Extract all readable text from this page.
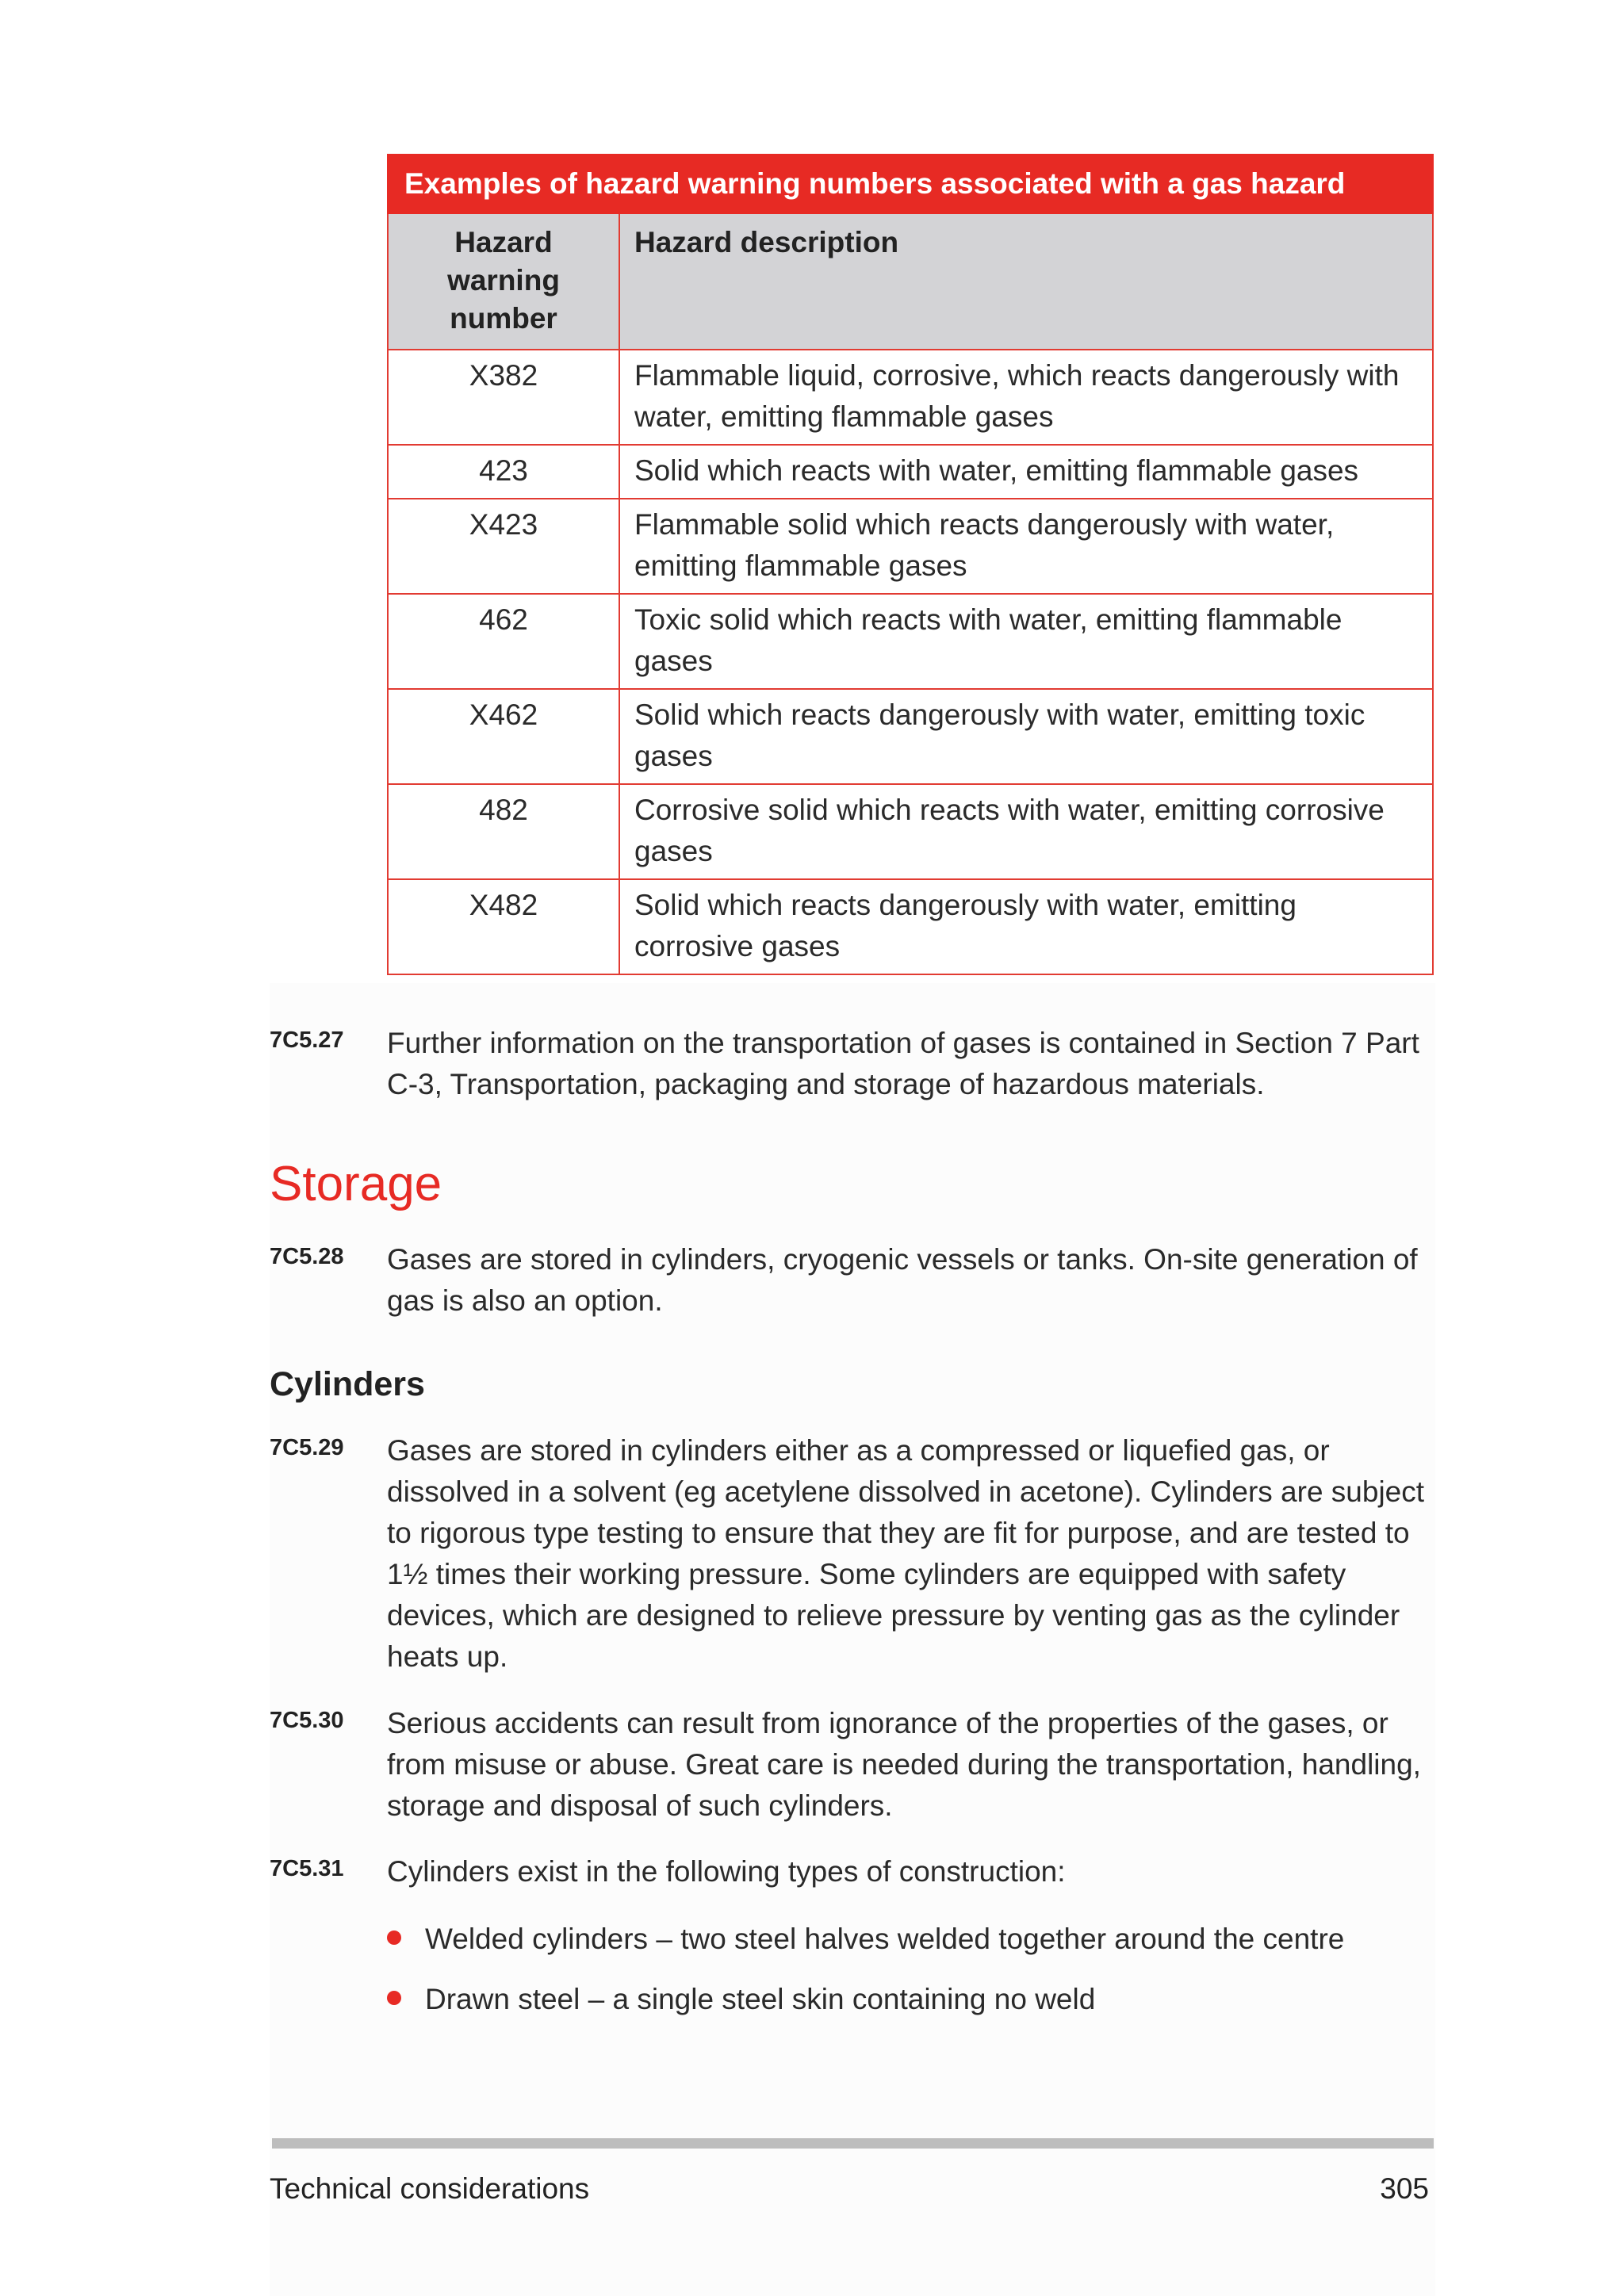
Examples of hazard warning numbers associated with a gas hazard	
Hazard warning number	Hazard description
X382	Flammable liquid, corrosive, which reacts dangerously with water, emitting flammable gases
423	Solid which reacts with water, emitting flammable gases
X423	Flammable solid which reacts dangerously with water, emitting flammable gases
462	Toxic solid which reacts with water, emitting flammable gases
X462	Solid which reacts dangerously with water, emitting toxic gases
482	Corrosive solid which reacts with water, emitting corrosive gases
X482	Solid which reacts dangerously with water, emitting corrosive gases
7C5.27 Further information on the transportation of gases is contained in Section 7 Part C-3, Transportation, packaging and storage of hazardous materials.
Storage
7C5.28 Gases are stored in cylinders, cryogenic vessels or tanks. On-site generation of gas is also an option.
Cylinders
7C5.29 Gases are stored in cylinders either as a compressed or liquefied gas, or dissolved in a solvent (eg acetylene dissolved in acetone). Cylinders are subject to rigorous type testing to ensure that they are fit for purpose, and are tested to 1½ times their working pressure. Some cylinders are equipped with safety devices, which are designed to relieve pressure by venting gas as the cylinder heats up.
7C5.30 Serious accidents can result from ignorance of the properties of the gases, or from misuse or abuse. Great care is needed during the transportation, handling, storage and disposal of such cylinders.
7C5.31 Cylinders exist in the following types of construction:
Welded cylinders – two steel halves welded together around the centre
Drawn steel – a single steel skin containing no weld
Technical considerations	305
